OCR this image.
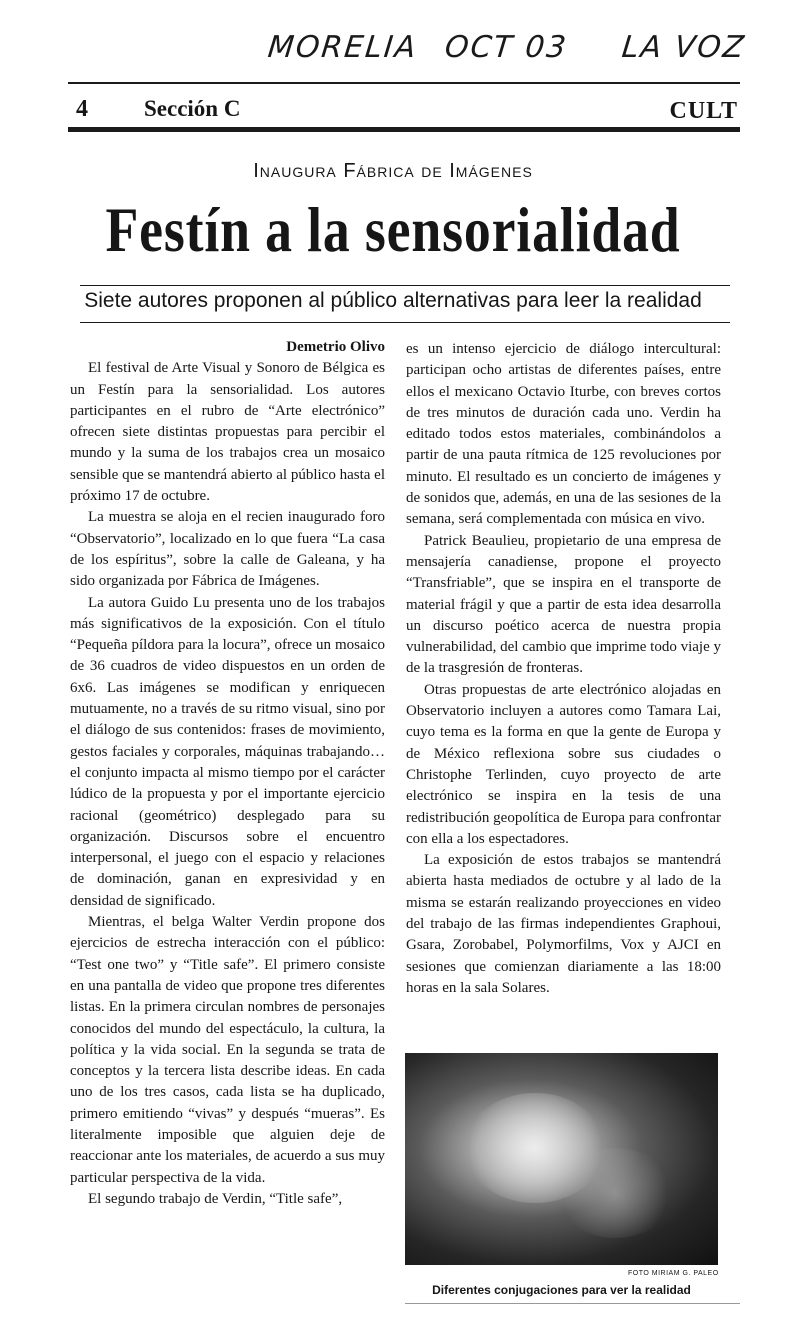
MORELIA OCT 03 LA VOZ
4 Sección C	CULT
Inaugura Fábrica de Imágenes
Festín a la sensorialidad
Siete autores proponen al público alternativas para leer la realidad

Demetrio Olivo

El festival de Arte Visual y Sonoro de Bélgica es un Festín para la sensorialidad. Los autores participantes en el rubro de “Arte electrónico” ofrecen siete distintas propuestas para percibir el mundo y la suma de los trabajos crea un mosaico sensible que se mantendrá abierto al público hasta el próximo 17 de octubre.

La muestra se aloja en el recien inaugurado foro “Observatorio”, localizado en lo que fuera “La casa de los espíritus”, sobre la calle de Galeana, y ha sido organizada por Fábrica de Imágenes.

La autora Guido Lu presenta uno de los trabajos más significativos de la exposición. Con el título “Pequeña píldora para la locura”, ofrece un mosaico de 36 cuadros de video dispuestos en un orden de 6x6. Las imágenes se modifican y enriquecen mutuamente, no a través de su ritmo visual, sino por el diálogo de sus contenidos: frases de movimiento, gestos faciales y corporales, máquinas trabajando… el conjunto impacta al mismo tiempo por el carácter lúdico de la propuesta y por el importante ejercicio racional (geométrico) desplegado para su organización. Discursos sobre el encuentro interpersonal, el juego con el espacio y relaciones de dominación, ganan en expresividad y en densidad de significado.

Mientras, el belga Walter Verdin propone dos ejercicios de estrecha interacción con el público: “Test one two” y “Title safe”. El primero consiste en una pantalla de video que propone tres diferentes listas. En la primera circulan nombres de personajes conocidos del mundo del espectáculo, la cultura, la política y la vida social. En la segunda se trata de conceptos y la tercera lista describe ideas. En cada uno de los tres casos, cada lista se ha duplicado, primero emitiendo “vivas” y después “mueras”. Es literalmente imposible que alguien deje de reaccionar ante los materiales, de acuerdo a sus muy particular perspectiva de la vida.

El segundo trabajo de Verdin, “Title safe”,

es un intenso ejercicio de diálogo intercultural: participan ocho artistas de diferentes países, entre ellos el mexicano Octavio Iturbe, con breves cortos de tres minutos de duración cada uno. Verdin ha editado todos estos materiales, combinándolos a partir de una pauta rítmica de 125 revoluciones por minuto. El resultado es un concierto de imágenes y de sonidos que, además, en una de las sesiones de la semana, será complementada con música en vivo.

Patrick Beaulieu, propietario de una empresa de mensajería canadiense, propone el proyecto “Transfriable”, que se inspira en el transporte de material frágil y que a partir de esta idea desarrolla un discurso poético acerca de nuestra propia vulnerabilidad, del cambio que imprime todo viaje y de la trasgresión de fronteras.

Otras propuestas de arte electrónico alojadas en Observatorio incluyen a autores como Tamara Lai, cuyo tema es la forma en que la gente de Europa y de México reflexiona sobre sus ciudades o Christophe Terlinden, cuyo proyecto de arte electrónico se inspira en la tesis de una redistribución geopolítica de Europa para confrontar con ella a los espectadores.

La exposición de estos trabajos se mantendrá abierta hasta mediados de octubre y al lado de la misma se estarán realizando proyecciones en video del trabajo de las firmas independientes Graphoui, Gsara, Zorobabel, Polymorfilms, Vox y AJCI en sesiones que comienzan diariamente a las 18:00 horas en la sala Solares.

FOTO MIRIAM G. PALEO
Diferentes conjugaciones para ver la realidad
